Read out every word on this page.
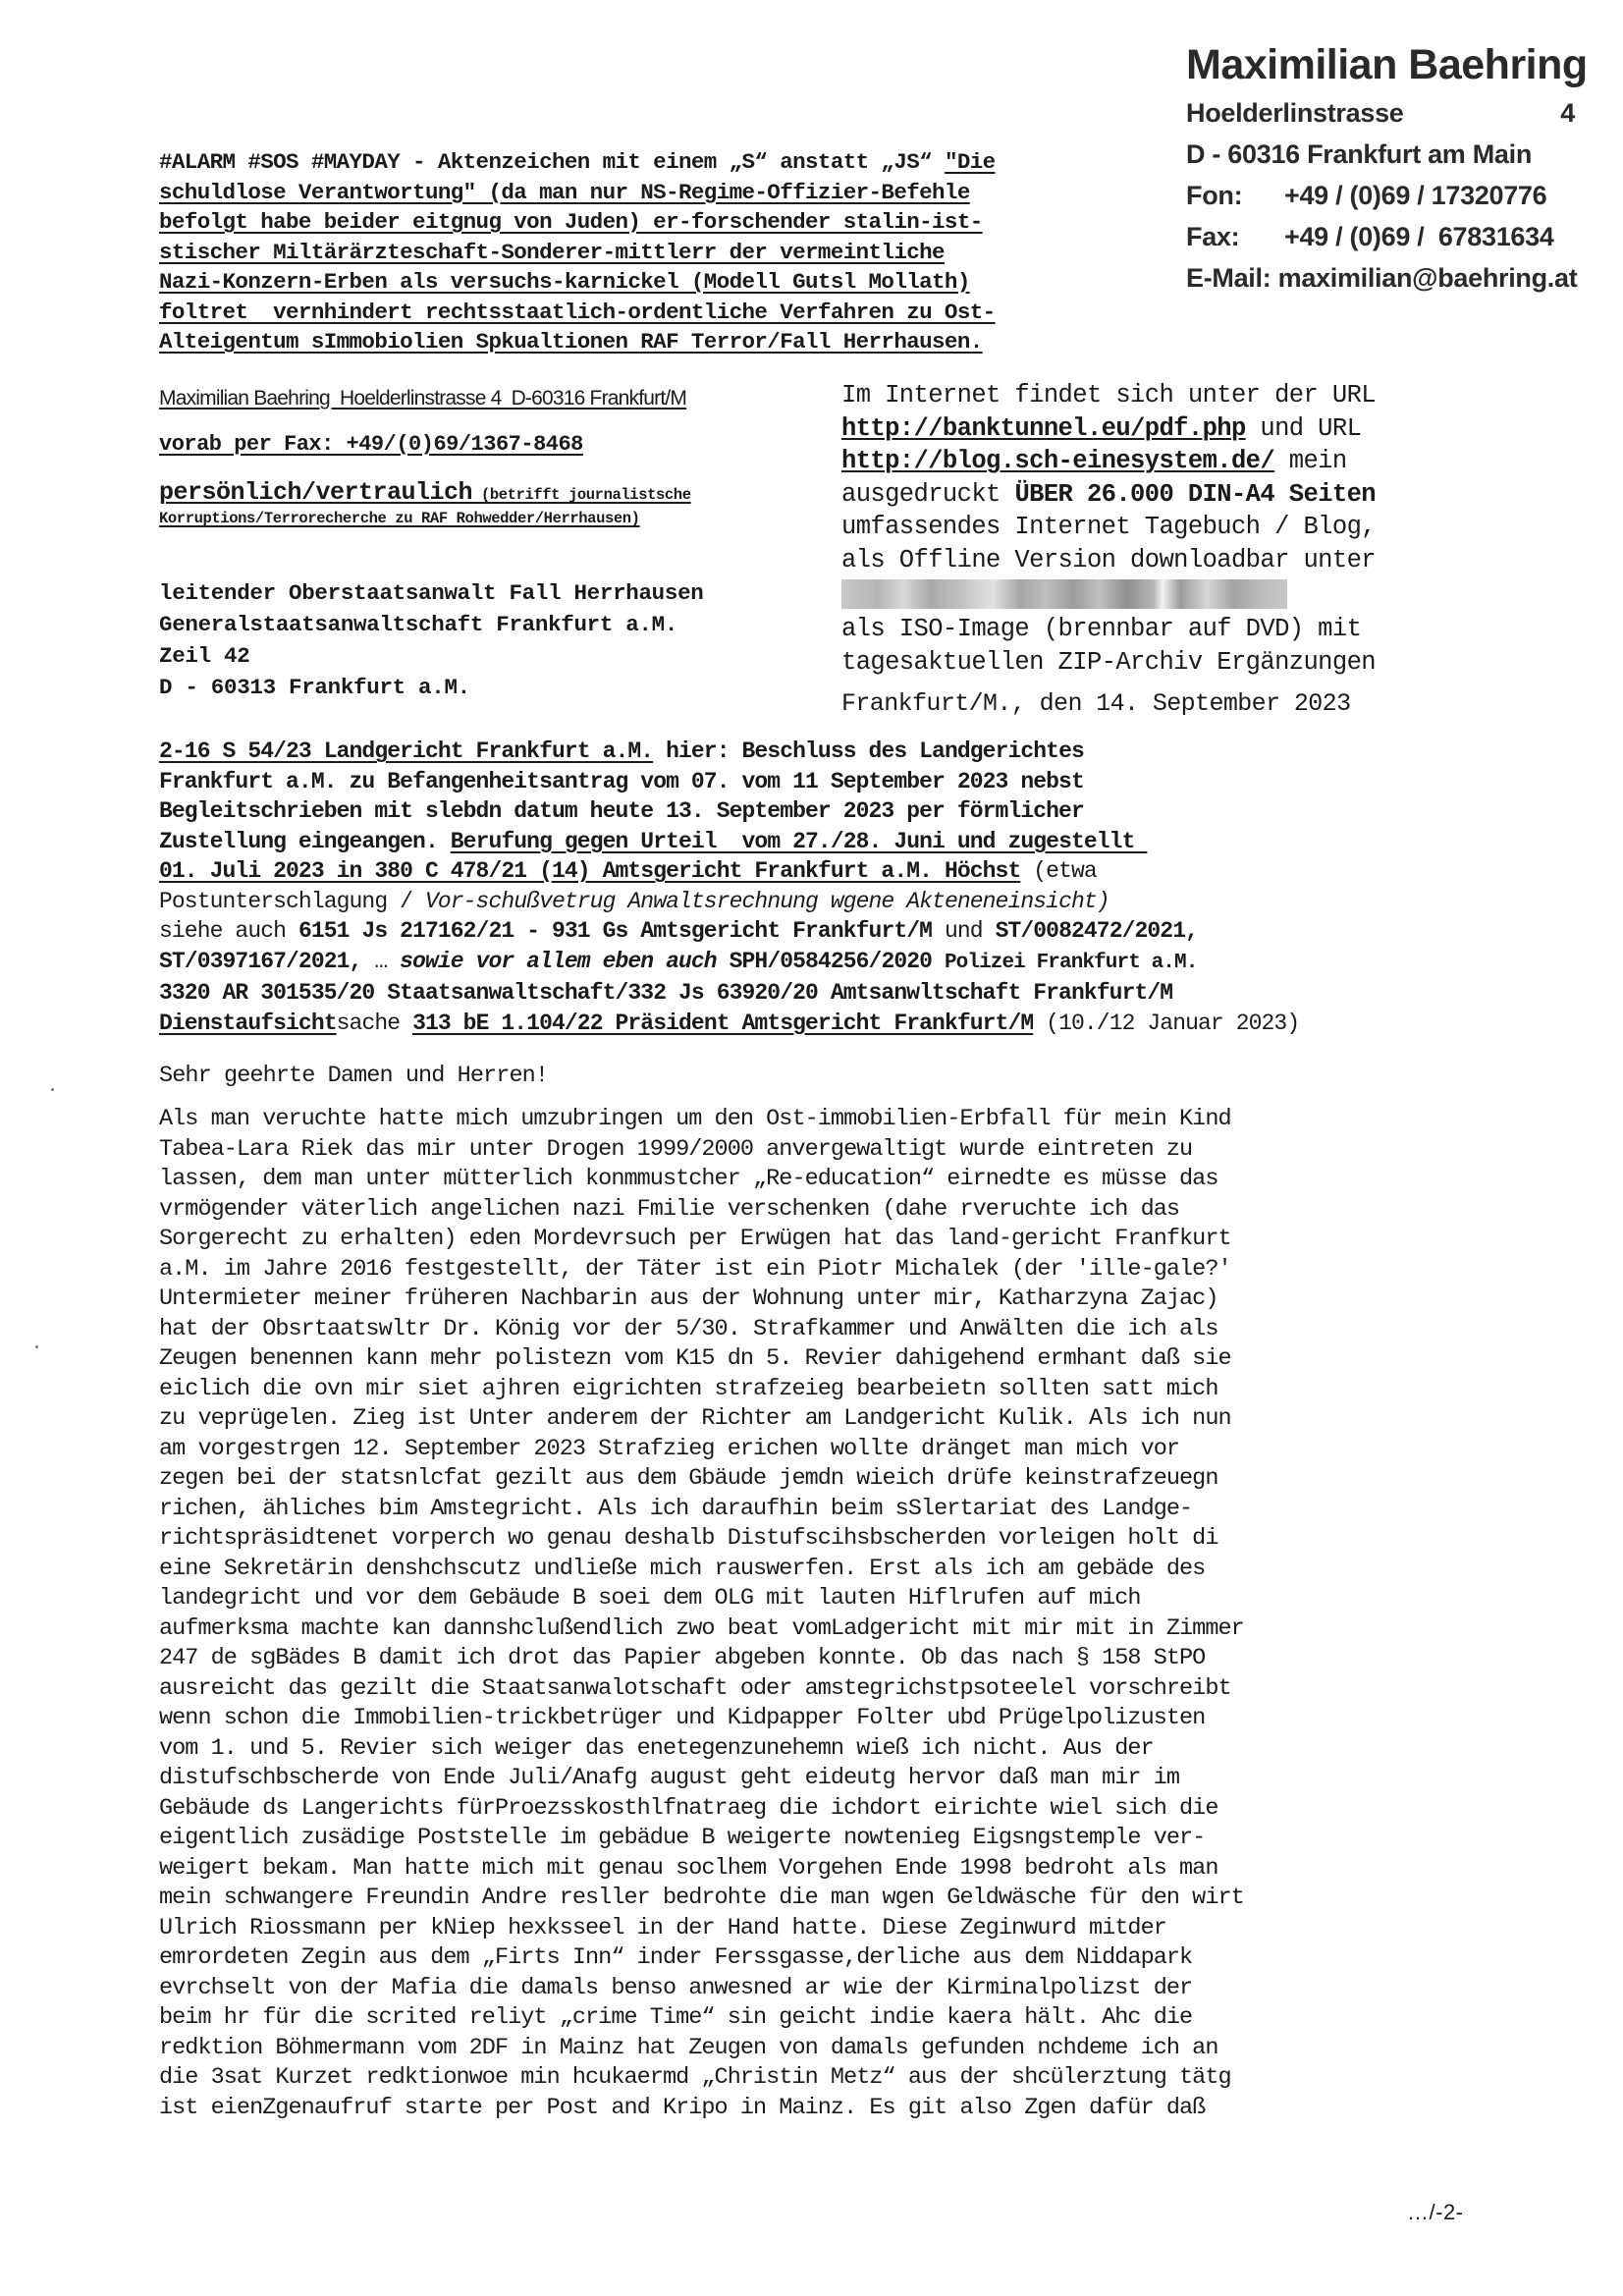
Maximilian Baehring
Hoelderlinstrasse	4
D - 60316 Frankfurt am Main
Fon:	+49 / (0)69 / 17320776
Fax:	+49 / (0)69 /  67831634
E-Mail: maximilian@baehring.at
#ALARM #SOS #MAYDAY - Aktenzeichen mit einem „S“ anstatt „JS“ "Die
schuldlose Verantwortung" (da man nur NS-Regime-Offizier-Befehle
befolgt habe beider eitgnug von Juden) er-forschender stalin-ist-
stischer Miltärärzteschaft-Sonderer-mittlerr der vermeintliche
Nazi-Konzern-Erben als versuchs-karnickel (Modell Gutsl Mollath)
foltret  vernhindert rechtsstaatlich-ordentliche Verfahren zu Ost-
Alteigentum sImmobiolien Spkualtionen RAF Terror/Fall Herrhausen.
Maximilian Baehring  Hoelderlinstrasse 4  D-60316 Frankfurt/M
vorab per Fax: +49/(0)69/1367-8468
persönlich/vertraulich (betrifft journalistsche
Korruptions/Terrorecherche zu RAF Rohwedder/Herrhausen)
leitender Oberstaatsanwalt Fall Herrhausen
Generalstaatsanwaltschaft Frankfurt a.M.
Zeil 42
D - 60313 Frankfurt a.M.
Im Internet findet sich unter der URL
http://banktunnel.eu/pdf.php und URL
http://blog.sch-einesystem.de/ mein
ausgedruckt ÜBER 26.000 DIN-A4 Seiten
umfassendes Internet Tagebuch / Blog,
als Offline Version downloadbar unter
als ISO-Image (brennbar auf DVD) mit
tagesaktuellen ZIP-Archiv Ergänzungen
Frankfurt/M., den 14. September 2023
2-16 S 54/23 Landgericht Frankfurt a.M. hier: Beschluss des Landgerichtes
Frankfurt a.M. zu Befangenheitsantrag vom 07. vom 11 September 2023 nebst
Begleitschrieben mit slebdn datum heute 13. September 2023 per förmlicher
Zustellung eingeangen. Berufung gegen Urteil  vom 27./28. Juni und zugestellt
01. Juli 2023 in 380 C 478/21 (14) Amtsgericht Frankfurt a.M. Höchst (etwa
Postunterschlagung / Vor-schußvetrug Anwaltsrechnung wgene Akteneneinsicht)
siehe auch 6151 Js 217162/21 - 931 Gs Amtsgericht Frankfurt/M und ST/0082472/2021,
ST/0397167/2021, … sowie vor allem eben auch SPH/0584256/2020 Polizei Frankfurt a.M.
3320 AR 301535/20 Staatsanwaltschaft/332 Js 63920/20 Amtsanwltschaft Frankfurt/M
Dienstaufsichtsache 313 bE 1.104/22 Präsident Amtsgericht Frankfurt/M (10./12 Januar 2023)
Sehr geehrte Damen und Herren!
Als man veruchte hatte mich umzubringen um den Ost-immobilien-Erbfall für mein Kind
Tabea-Lara Riek das mir unter Drogen 1999/2000 anvergewaltigt wurde eintreten zu
lassen, dem man unter mütterlich konmmustcher „Re-education“ eirnedte es müsse das
vrmögender väterlich angelichen nazi Fmilie verschenken (dahe rveruchte ich das
Sorgerecht zu erhalten) eden Mordevrsuch per Erwügen hat das land-gericht Franfkurt
a.M. im Jahre 2016 festgestellt, der Täter ist ein Piotr Michalek (der 'ille-gale?'
Untermieter meiner früheren Nachbarin aus der Wohnung unter mir, Katharzyna Zajac)
hat der Obsrtaatswltr Dr. König vor der 5/30. Strafkammer und Anwälten die ich als
Zeugen benennen kann mehr polistezn vom K15 dn 5. Revier dahigehend ermhant daß sie
eiclich die ovn mir siet ajhren eigrichten strafzeieg bearbeietn sollten satt mich
zu veprügelen. Zieg ist Unter anderem der Richter am Landgericht Kulik. Als ich nun
am vorgestrgen 12. September 2023 Strafzieg erichen wollte dränget man mich vor
zegen bei der statsnlcfat gezilt aus dem Gbäude jemdn wieich drüfe keinstrafzeuegn
richen, ähliches bim Amstegricht. Als ich daraufhin beim sSlertariat des Landge-
richtspräsidtenet vorperch wo genau deshalb Distufscihsbscherden vorleigen holt di
eine Sekretärin denshchscutz undließe mich rauswerfen. Erst als ich am gebäde des
landegricht und vor dem Gebäude B soei dem OLG mit lauten Hiflrufen auf mich
aufmerksma machte kan dannshclußendlich zwo beat vomLadgericht mit mir mit in Zimmer
247 de sgBädes B damit ich drot das Papier abgeben konnte. Ob das nach § 158 StPO
ausreicht das gezilt die Staatsanwalotschaft oder amstegrichstpsoteelel vorschreibt
wenn schon die Immobilien-trickbetrüger und Kidpapper Folter ubd Prügelpolizusten
vom 1. und 5. Revier sich weiger das enetegenzunehemn wieß ich nicht. Aus der
distufschbscherde von Ende Juli/Anafg august geht eideutg hervor daß man mir im
Gebäude ds Langerichts fürProezsskosthlfnatraeg die ichdort eirichte wiel sich die
eigentlich zusädige Poststelle im gebädue B weigerte nowtenieg Eigsngstemple ver-
weigert bekam. Man hatte mich mit genau soclhem Vorgehen Ende 1998 bedroht als man
mein schwangere Freundin Andre resller bedrohte die man wgen Geldwäsche für den wirt
Ulrich Riossmann per kNiep hexksseel in der Hand hatte. Diese Zeginwurd mitder
emrordeten Zegin aus dem „Firts Inn“ inder Ferssgasse,derliche aus dem Niddapark
evrchselt von der Mafia die damals benso anwesned ar wie der Kirminalpolizst der
beim hr für die scrited reliyt „crime Time“ sin geicht indie kaera hält. Ahc die
redktion Böhmermann vom 2DF in Mainz hat Zeugen von damals gefunden nchdeme ich an
die 3sat Kurzet redktionwoe min hcukaermd „Christin Metz“ aus der shcülerztung tätg
ist eienZgenaufruf starte per Post and Kripo in Mainz. Es git also Zgen dafür daß
…/-2-
